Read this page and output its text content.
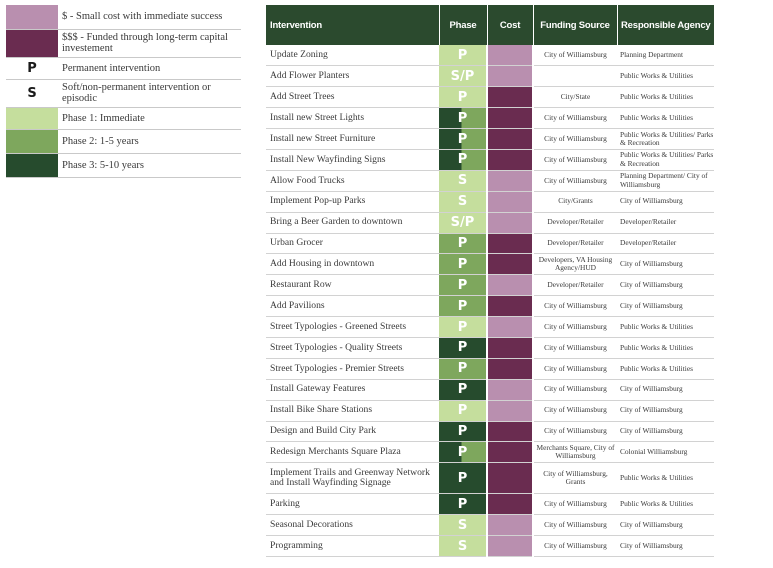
	$ - Small cost with immediate success
	$$$ - Funded through long-term capital investement
P	Permanent intervention
S	Soft/non-permanent intervention or episodic
	Phase 1: Immediate
	Phase 2: 1-5 years
	Phase 3: 5-10 years
Intervention	Phase	Cost	Funding Source	Responsible Agency
Update Zoning	P		City of Williamsburg	Planning Department
Add Flower Planters	S/P			Public Works & Utilities
Add Street Trees	P		City/State	Public Works & Utilities
Install new Street Lights	P		City of Williamsburg	Public Works & Utilities
Install new Street Furniture	P		City of Williamsburg	Public Works & Utilities/ Parks & Recreation
Install New Wayfinding Signs	P		City of Williamsburg	Public Works & Utilities/ Parks & Recreation
Allow Food Trucks	S		City of Williamsburg	Planning Department/ City of Williamsburg
Implement Pop-up Parks	S		City/Grants	City of Williamsburg
Bring a Beer Garden to downtown	S/P		Developer/Retailer	Developer/Retailer
Urban Grocer	P		Developer/Retailer	Developer/Retailer
Add Housing in downtown	P		Developers, VA Housing Agency/HUD	City of Williamsburg
Restaurant Row	P		Developer/Retailer	City of Williamsburg
Add Pavilions	P		City of Williamsburg	City of Williamsburg
Street Typologies - Greened Streets	P		City of Williamsburg	Public Works & Utilities
Street Typologies - Quality Streets	P		City of Williamsburg	Public Works & Utilities
Street Typologies - Premier Streets	P		City of Williamsburg	Public Works & Utilities
Install Gateway Features	P		City of Williamsburg	City of Williamsburg
Install Bike Share Stations	P		City of Williamsburg	City of Williamsburg
Design and Build City Park	P		City of Williamsburg	City of Williamsburg
Redesign Merchants Square Plaza	P		Merchants Square, City of Williamsburg	Colonial Williamsburg
Implement Trails and Greenway Network and Install Wayfinding Signage	P		City of Williamsburg, Grants	Public Works & Utilities
Parking	P		City of Williamsburg	Public Works & Utilities
Seasonal Decorations	S		City of Williamsburg	City of Williamsburg
Programming	S		City of Williamsburg	City of Williamsburg
